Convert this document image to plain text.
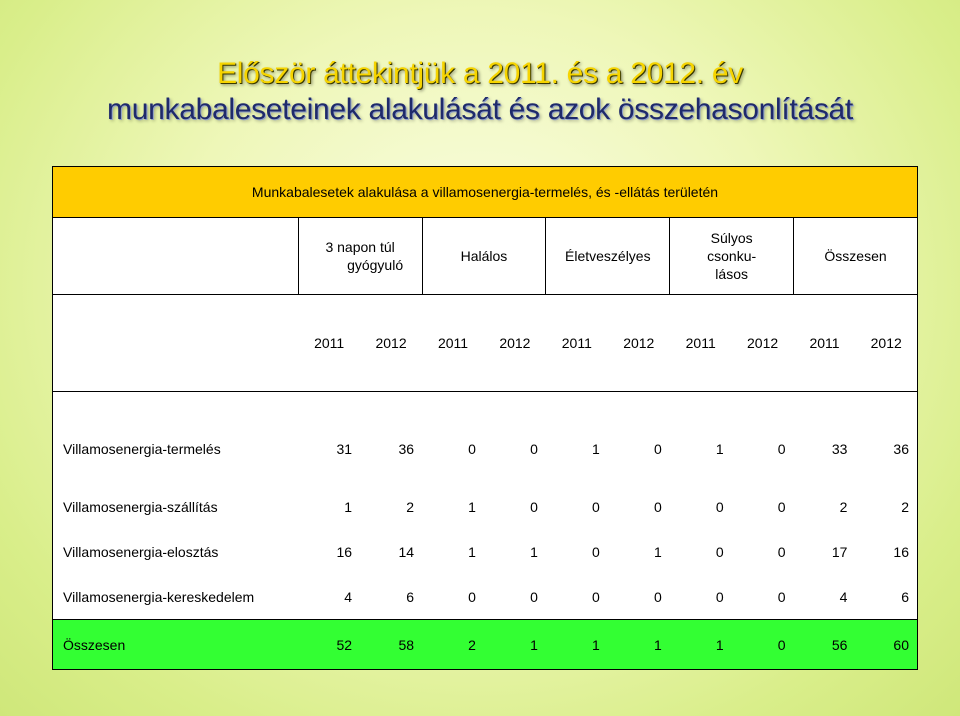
Először áttekintjük a 2011. és a 2012. év
munkabaleseteinek alakulását és azok összehasonlítását
Munkabalesetek alakulása a villamosenergia-termelés, és -ellátás területén										
	3 napon túl
gyógyuló		Halálos		Életveszélyes		Súlyos
csonku-
lásos		Összesen	
	2011	2012	2011	2012	2011	2012	2011	2012	2011	2012
Villamosenergia-termelés	31	36	0	0	1	0	1	0	33	36
Villamosenergia-szállítás	1	2	1	0	0	0	0	0	2	2
Villamosenergia-elosztás	16	14	1	1	0	1	0	0	17	16
Villamosenergia-kereskedelem	4	6	0	0	0	0	0	0	4	6
Összesen	52	58	2	1	1	1	1	0	56	60
